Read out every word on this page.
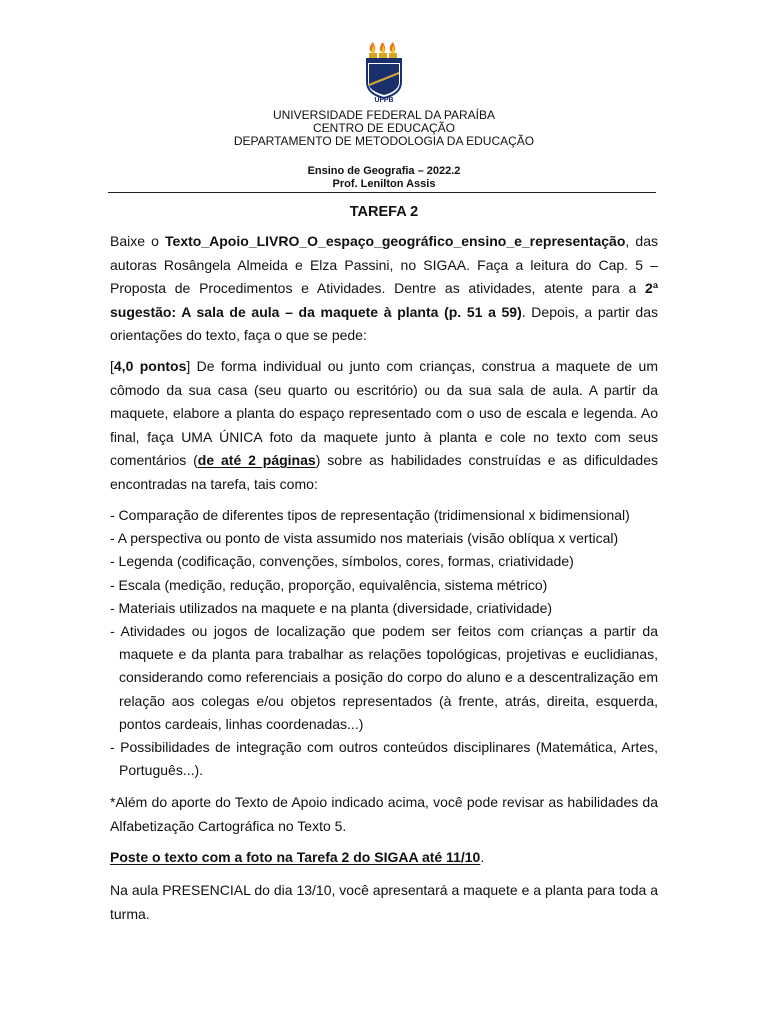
UFPB
UNIVERSIDADE FEDERAL DA PARAÍBA
CENTRO DE EDUCAÇÃO
DEPARTAMENTO DE METODOLOGIA DA EDUCAÇÃO
Ensino de Geografia – 2022.2
Prof. Lenilton Assis
TAREFA 2

Baixe o Texto_Apoio_LIVRO_O_espaço_geográfico_ensino_e_representação, das autoras Rosângela Almeida e Elza Passini, no SIGAA. Faça a leitura do Cap. 5 – Proposta de Procedimentos e Atividades. Dentre as atividades, atente para a 2ª sugestão: A sala de aula – da maquete à planta (p. 51 a 59). Depois, a partir das orientações do texto, faça o que se pede:

[4,0 pontos] De forma individual ou junto com crianças, construa a maquete de um cômodo da sua casa (seu quarto ou escritório) ou da sua sala de aula. A partir da maquete, elabore a planta do espaço representado com o uso de escala e legenda. Ao final, faça UMA ÚNICA foto da maquete junto à planta e cole no texto com seus comentários (de até 2 páginas) sobre as habilidades construídas e as dificuldades encontradas na tarefa, tais como:

- Comparação de diferentes tipos de representação (tridimensional x bidimensional)
- A perspectiva ou ponto de vista assumido nos materiais (visão oblíqua x vertical)
- Legenda (codificação, convenções, símbolos, cores, formas, criatividade)
- Escala (medição, redução, proporção, equivalência, sistema métrico)
- Materiais utilizados na maquete e na planta (diversidade, criatividade)
- Atividades ou jogos de localização que podem ser feitos com crianças a partir da
maquete e da planta para trabalhar as relações topológicas, projetivas e euclidianas, considerando como referenciais a posição do corpo do aluno e a descentralização em relação aos colegas e/ou objetos representados (à frente, atrás, direita, esquerda, pontos cardeais, linhas coordenadas...)
- Possibilidades de integração com outros conteúdos disciplinares (Matemática, Artes,
Português...).

*Além do aporte do Texto de Apoio indicado acima, você pode revisar as habilidades da Alfabetização Cartográfica no Texto 5.

Poste o texto com a foto na Tarefa 2 do SIGAA até 11/10.

Na aula PRESENCIAL do dia 13/10, você apresentará a maquete e a planta para toda a turma.
